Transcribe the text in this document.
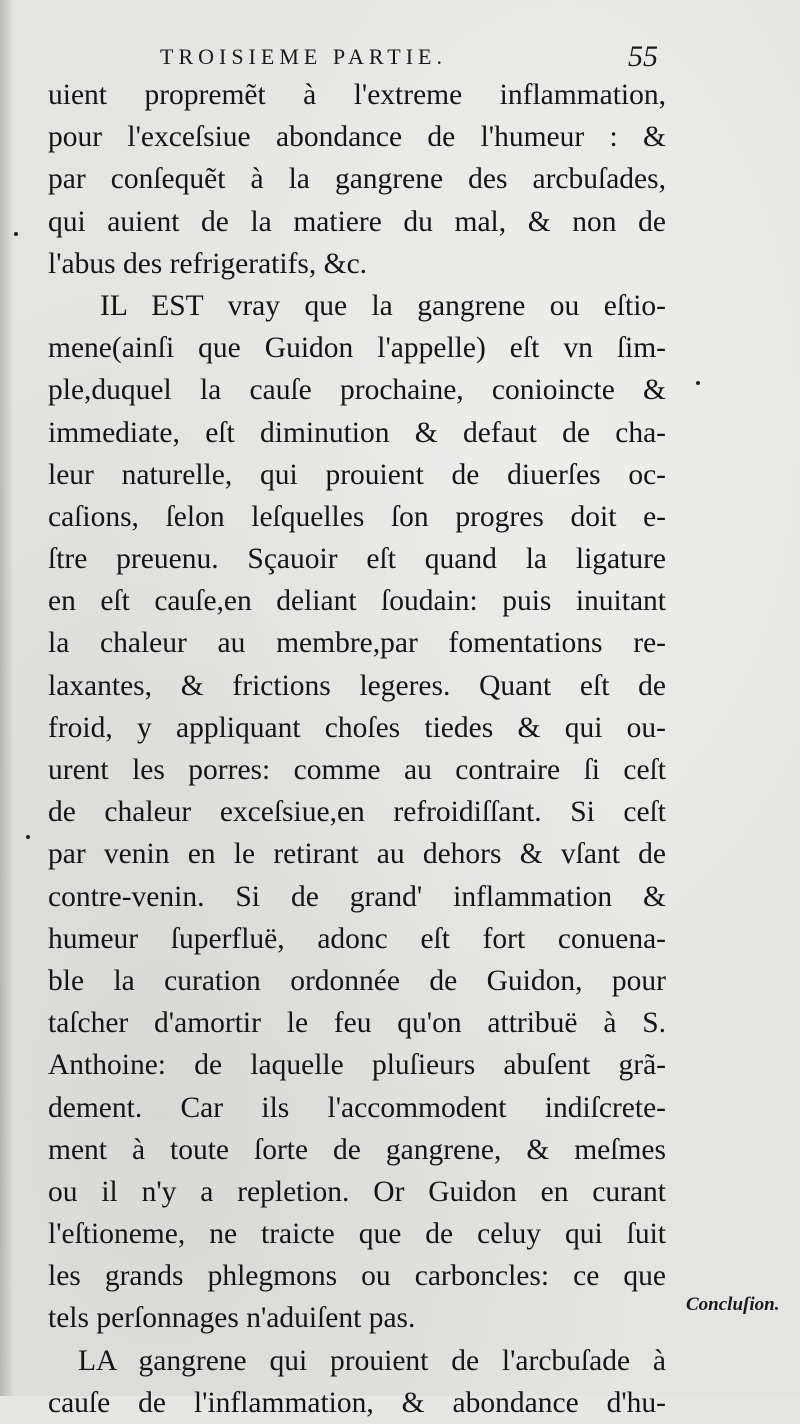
TROISIEME PARTIE.	55
uient propremẽt à l'extreme inflammation,
pour l'exceſsiue abondance de l'humeur : &
par conſequẽt à la gangrene des arcbuſades,
qui auient de la matiere du mal, & non de
l'abus des refrigeratifs, &c.
IL EST vray que la gangrene ou eſtio-
mene(ainſi que Guidon l'appelle) eſt vn ſim-
ple,duquel la cauſe prochaine, conioincte &
immediate, eſt diminution & defaut de cha-
leur naturelle, qui prouient de diuerſes oc-
caſions, ſelon leſquelles ſon progres doit e-
ſtre preuenu. Sçauoir eſt quand la ligature
en eſt cauſe,en deliant ſoudain: puis inuitant
la chaleur au membre,par fomentations re-
laxantes, & frictions legeres. Quant eſt de
froid, y appliquant choſes tiedes & qui ou-
urent les porres: comme au contraire ſi ceſt
de chaleur exceſsiue,en refroidiſſant. Si ceſt
par venin en le retirant au dehors & vſant de
contre-venin. Si de grand' inflammation &
humeur ſuperfluë, adonc eſt fort conuena-
ble la curation ordonnée de Guidon, pour
taſcher d'amortir le feu qu'on attribuë à S.
Anthoine: de laquelle pluſieurs abuſent grã-
dement. Car ils l'accommodent indiſcrete-
ment à toute ſorte de gangrene, & meſmes
ou il n'y a repletion. Or Guidon en curant
l'eſtioneme, ne traicte que de celuy qui ſuit
les grands phlegmons ou carboncles: ce que
tels perſonnages n'aduiſent pas.
LA gangrene qui prouient de l'arcbuſade à
cauſe de l'inflammation, & abondance d'hu-
Concluſion.
